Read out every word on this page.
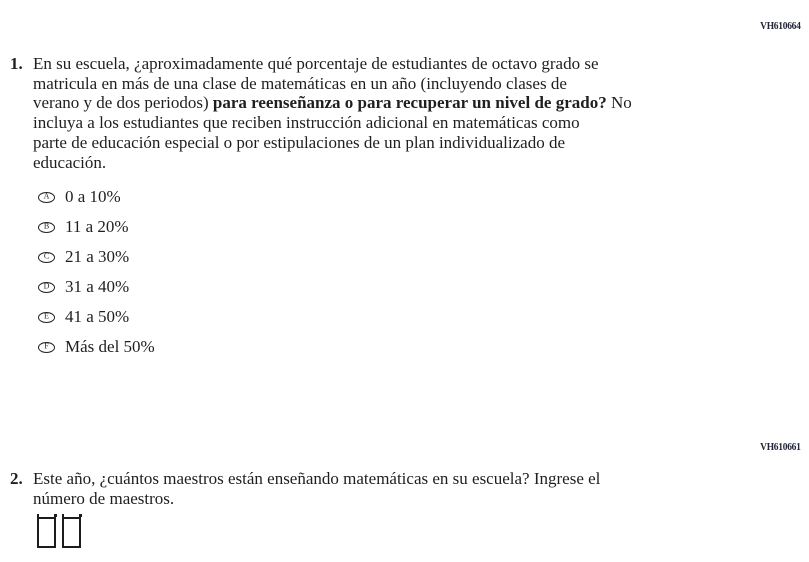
VH610664
1. En su escuela, ¿aproximadamente qué porcentaje de estudiantes de octavo grado se
matricula en más de una clase de matemáticas en un año (incluyendo clases de
verano y de dos periodos) para reenseñanza o para recuperar un nivel de grado? No
incluya a los estudiantes que reciben instrucción adicional en matemáticas como
parte de educación especial o por estipulaciones de un plan individualizado de
educación.
A 0 a 10%
B 11 a 20%
C 21 a 30%
D 31 a 40%
E 41 a 50%
F Más del 50%
VH610661
2. Este año, ¿cuántos maestros están enseñando matemáticas en su escuela? Ingrese el
número de maestros.
